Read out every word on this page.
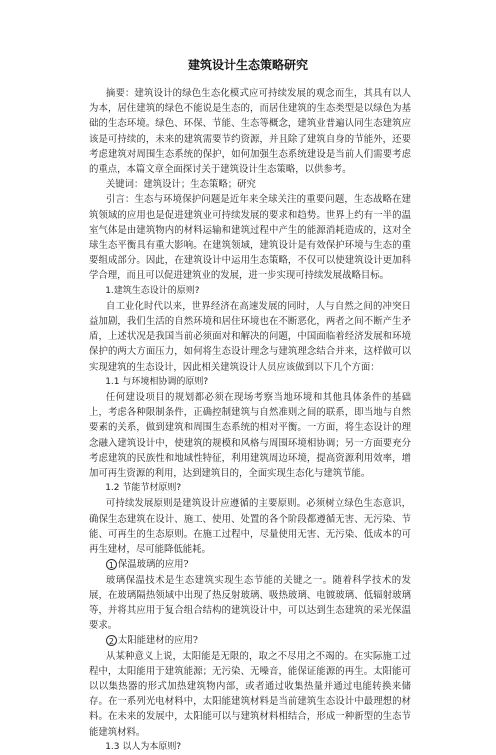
建筑设计生态策略研究

摘要：建筑设计的绿色生态化模式应可持续发展的观念而生，其具有以人为本，居住建筑的绿色不能说是生态的，而居住建筑的生态类型是以绿色为基础的生态环境。绿色、环保、节能、生态等概念，建筑业普遍认同生态建筑应该是可持续的，未来的建筑需要节约资源，并且除了建筑自身的节能外，还要考虑建筑对周围生态系统的保护，如何加强生态系统建设是当前人们需要考虑的重点，本篇文章全面探讨关于建筑设计生态策略，以供参考。

关键词：建筑设计；生态策略；研究

引言：生态与环境保护问题是近年来全球关注的重要问题，生态战略在建筑领域的应用也是促进建筑业可持续发展的要求和趋势。世界上约有一半的温室气体是由建筑物内的材料运输和建筑过程中产生的能源消耗造成的，这对全球生态平衡具有重大影响。在建筑领域，建筑设计是有效保护环境与生态的重要组成部分。因此，在建筑设计中运用生态策略，不仅可以使建筑设计更加科学合理，而且可以促进建筑业的发展，进一步实现可持续发展战略目标。

1.建筑生态设计的原则?

自工业化时代以来，世界经济在高速发展的同时，人与自然之间的冲突日益加剧，我们生活的自然环境和居住环境也在不断恶化，两者之间不断产生矛盾，上述状况是我国当前必须面对和解决的问题，中国面临着经济发展和环境保护的两大方面压力，如何将生态设计理念与建筑理念结合并来，这样做可以实现建筑的生态设计，因此相关建筑设计人员应该做到以下几个方面：

1.1 与环境相协调的原则?

任何建设项目的规划都必须在现场考察当地环境和其他具体条件的基础上，考虑各种限制条件，正确控制建筑与自然准则之间的联系，即当地与自然要素的关系，做到建筑和周围生态系统的相对平衡。一方面，将生态设计的理念融入建筑设计中，使建筑的规模和风格与周围环境相协调；另一方面要充分考虑建筑的民族性和地域性特征，利用建筑周边环境，提高资源利用效率，增加可再生资源的利用，达到建筑目的，全面实现生态化与建筑节能。

1.2 节能节材原则?

可持续发展原则是建筑设计应遵循的主要原则。必须树立绿色生态意识，确保生态建筑在设计、施工、使用、处置的各个阶段都遵循无害、无污染、节能、可再生的生态原则。在施工过程中，尽量使用无害、无污染、低成本的可再生建材，尽可能降低能耗。

1 保温玻璃的应用?

玻璃保温技术是生态建筑实现生态节能的关键之一。随着科学技术的发展，在玻璃隔热领域中出现了热反射玻璃、吸热玻璃、电镀玻璃、低辐射玻璃等，并将其应用于复合组合结构的建筑设计中，可以达到生态建筑的采光保温要求。

2 太阳能建材的应用?

从某种意义上说，太阳能是无限的，取之不尽用之不竭的。在实际施工过程中，太阳能用于建筑能源；无污染、无噪音，能保证能源的再生。太阳能可以以集热器的形式加热建筑物内部，或者通过收集热量并通过电能转换来储存。在一系列光电材料中，太阳能建筑材料是当前建筑生态设计中最理想的材料。在未来的发展中，太阳能可以与建筑材料相结合，形成一种新型的生态节能建筑材料。

1.3 以人为本原则?
